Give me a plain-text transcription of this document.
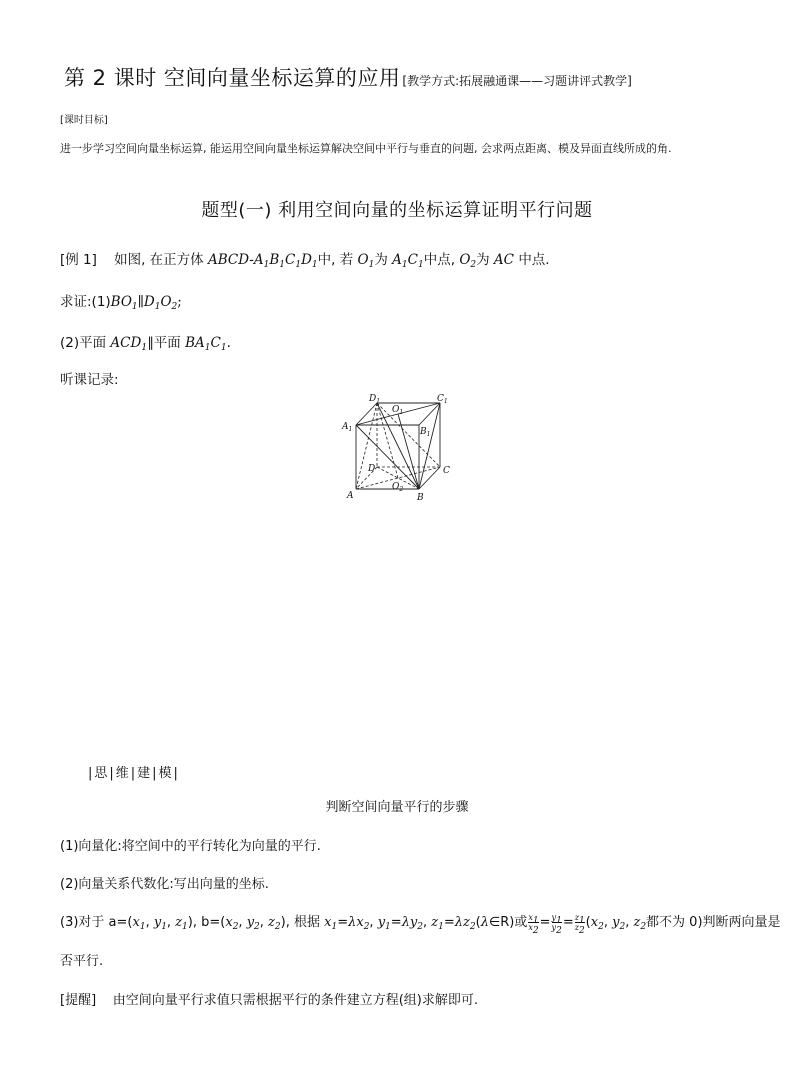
第 2 课时 空间向量坐标运算的应用 [教学方式:拓展融通课——习题讲评式教学]
[课时目标]
进一步学习空间向量坐标运算, 能运用空间向量坐标运算解决空间中平行与垂直的问题, 会求两点距离、模及异面直线所成的角.
题型(一) 利用空间向量的坐标运算证明平行问题
[例 1] 如图, 在正方体 ABCD-$A_1B_1C_1D_1$中, 若 $O_1$为 $A_1C_1$中点, $O_2$为 AC 中点.
求证$:(1)BO_1\parallel D_1O_2$;
(2)平面 $ACD_1\parallel$平面 $BA_1C_1$.
听课记录:
$D_1$
$O_1$
$C_1$
$A_1$	$B_1$
D	C
A
$O_2$
B
|思|维|建|模|
判断空间向量平行的步骤
(1)向量化:将空间中的平行转化为向量的平行.
(2)向量关系代数化:写出向量的坐标.
(3)对于 $a=(x_1$, $y_1$, $z_1$), $b=(x_2$, $y_2$, $z_2$), 根据 $x_1=\lambda x_2$, $y_1=\lambda y_2$, $z_1=\lambda z_2(\lambda\in R)$或 $\frac{x_1}{x_2} = \frac{y_1}{y_2} = \frac{z_1}{z_2} (x_2$, $y_2$, $z_2$都不为 0)判断两向量是
否平行.
[提醒] 由空间向量平行求值只需根据平行的条件建立方程(组)求解即可.
